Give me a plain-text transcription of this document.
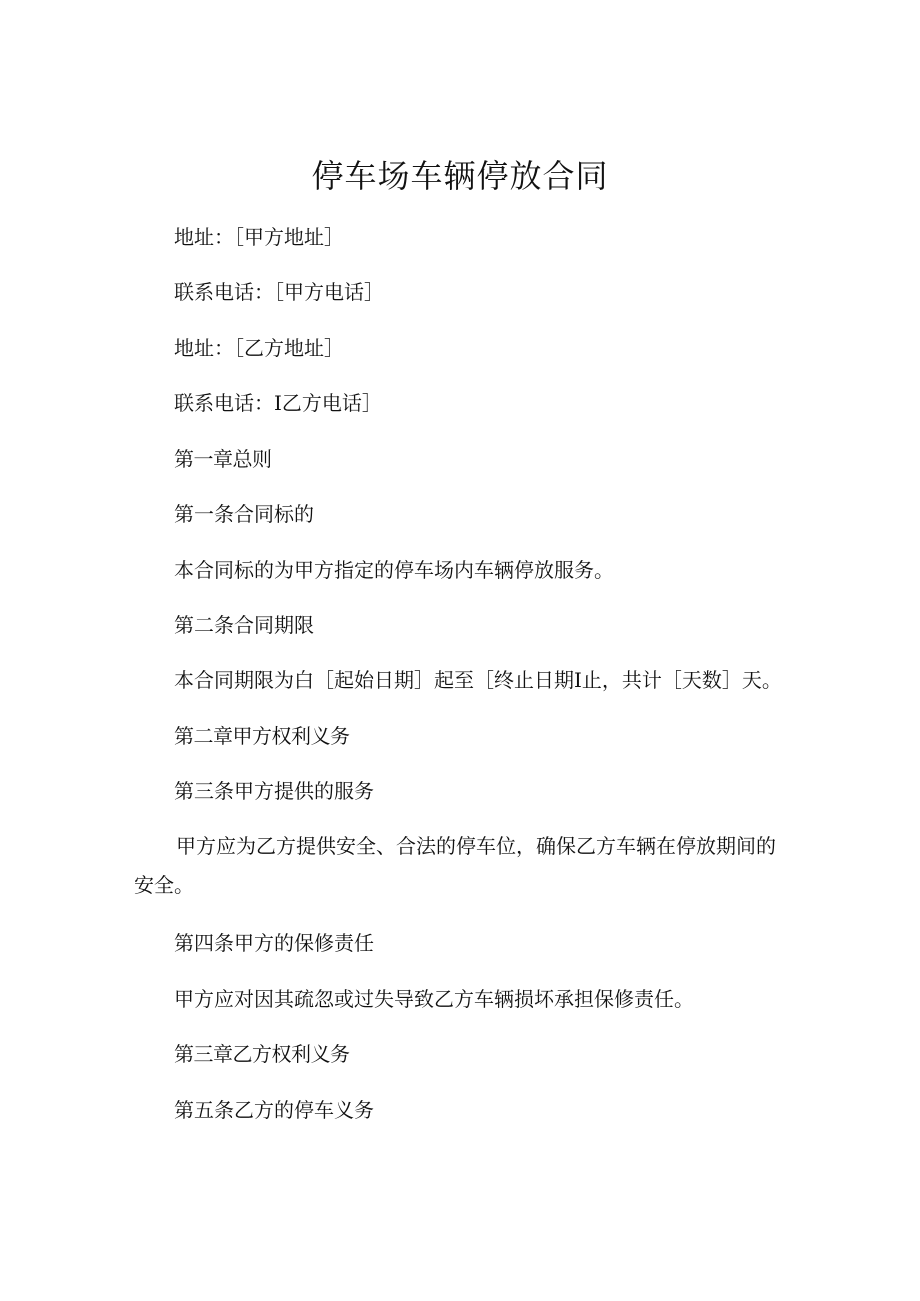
停车场车辆停放合同
地址：［甲方地址］
联系电话：［甲方电话］
地址：［乙方地址］
联系电话：I乙方电话］
第一章总则
第一条合同标的
本合同标的为甲方指定的停车场内车辆停放服务。
第二条合同期限
本合同期限为白［起始日期］起至［终止日期I止，共计［天数］天。
第二章甲方权利义务
第三条甲方提供的服务
甲方应为乙方提供安全、合法的停车位，确保乙方车辆在停放期间的安全。
第四条甲方的保修责任
甲方应对因其疏忽或过失导致乙方车辆损坏承担保修责任。
第三章乙方权利义务
第五条乙方的停车义务
